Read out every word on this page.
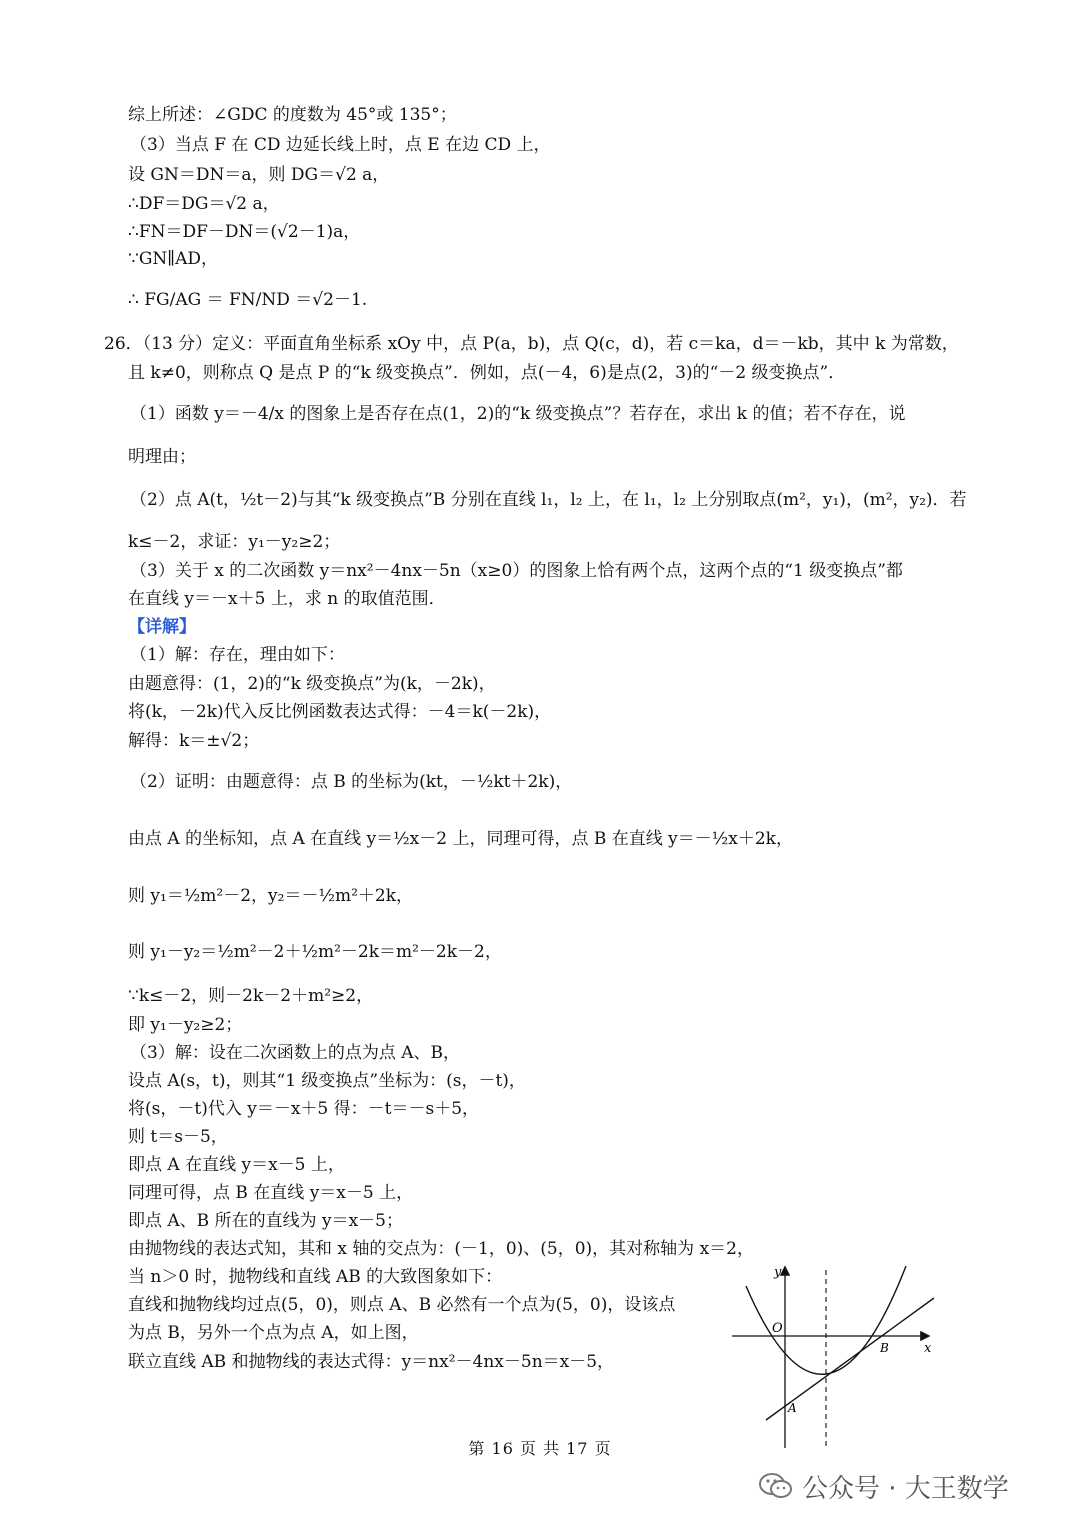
综上所述：∠GDC 的度数为 45°或 135°；
（3）当点 F 在 CD 边延长线上时，点 E 在边 CD 上，
设 GN＝DN＝a，则 DG＝√2 a，
∴DF＝DG＝√2 a，
∴FN＝DF－DN＝(√2－1)a，
∵GN∥AD，
∴ FG/AG ＝ FN/ND ＝√2－1.
26．（13 分）定义：平面直角坐标系 xOy 中，点 P(a，b)，点 Q(c，d)，若 c＝ka，d＝－kb，其中 k 为常数，
且 k≠0，则称点 Q 是点 P 的“k 级变换点”．例如，点(－4，6)是点(2，3)的“－2 级变换点”．
（1）函数 y＝－4/x 的图象上是否存在点(1，2)的“k 级变换点”？若存在，求出 k 的值；若不存在，说
明理由；
（2）点 A(t，½t－2)与其“k 级变换点”B 分别在直线 l₁，l₂ 上，在 l₁，l₂ 上分别取点(m²，y₁)，(m²，y₂)．若
k≤－2，求证：y₁－y₂≥2；
（3）关于 x 的二次函数 y＝nx²－4nx－5n（x≥0）的图象上恰有两个点，这两个点的“1 级变换点”都
在直线 y＝－x＋5 上，求 n 的取值范围．
【详解】
（1）解：存在，理由如下：
由题意得：(1，2)的“k 级变换点”为(k，－2k)，
将(k，－2k)代入反比例函数表达式得：－4＝k(－2k)，
解得：k＝±√2；
（2）证明：由题意得：点 B 的坐标为(kt，－½kt＋2k)，
由点 A 的坐标知，点 A 在直线 y＝½x－2 上，同理可得，点 B 在直线 y＝－½x＋2k，
则 y₁＝½m²－2，y₂＝－½m²＋2k，
则 y₁－y₂＝½m²－2＋½m²－2k＝m²－2k－2，
∵k≤－2，则－2k－2＋m²≥2，
即 y₁－y₂≥2；
（3）解：设在二次函数上的点为点 A、B，
设点 A(s，t)，则其“1 级变换点”坐标为：(s，－t)，
将(s，－t)代入 y＝－x＋5 得：－t＝－s＋5，
则 t＝s－5，
即点 A 在直线 y＝x－5 上，
同理可得，点 B 在直线 y＝x－5 上，
即点 A、B 所在的直线为 y＝x－5；
由抛物线的表达式知，其和 x 轴的交点为：(－1，0)、(5，0)，其对称轴为 x＝2，
当 n＞0 时，抛物线和直线 AB 的大致图象如下：
直线和抛物线均过点(5，0)，则点 A、B 必然有一个点为(5，0)，设该点
为点 B，另外一个点为点 A，如上图，
联立直线 AB 和抛物线的表达式得：y＝nx²－4nx－5n＝x－5，
y
x
O
A
B
第 16 页 共 17 页
公众号 · 大王数学
